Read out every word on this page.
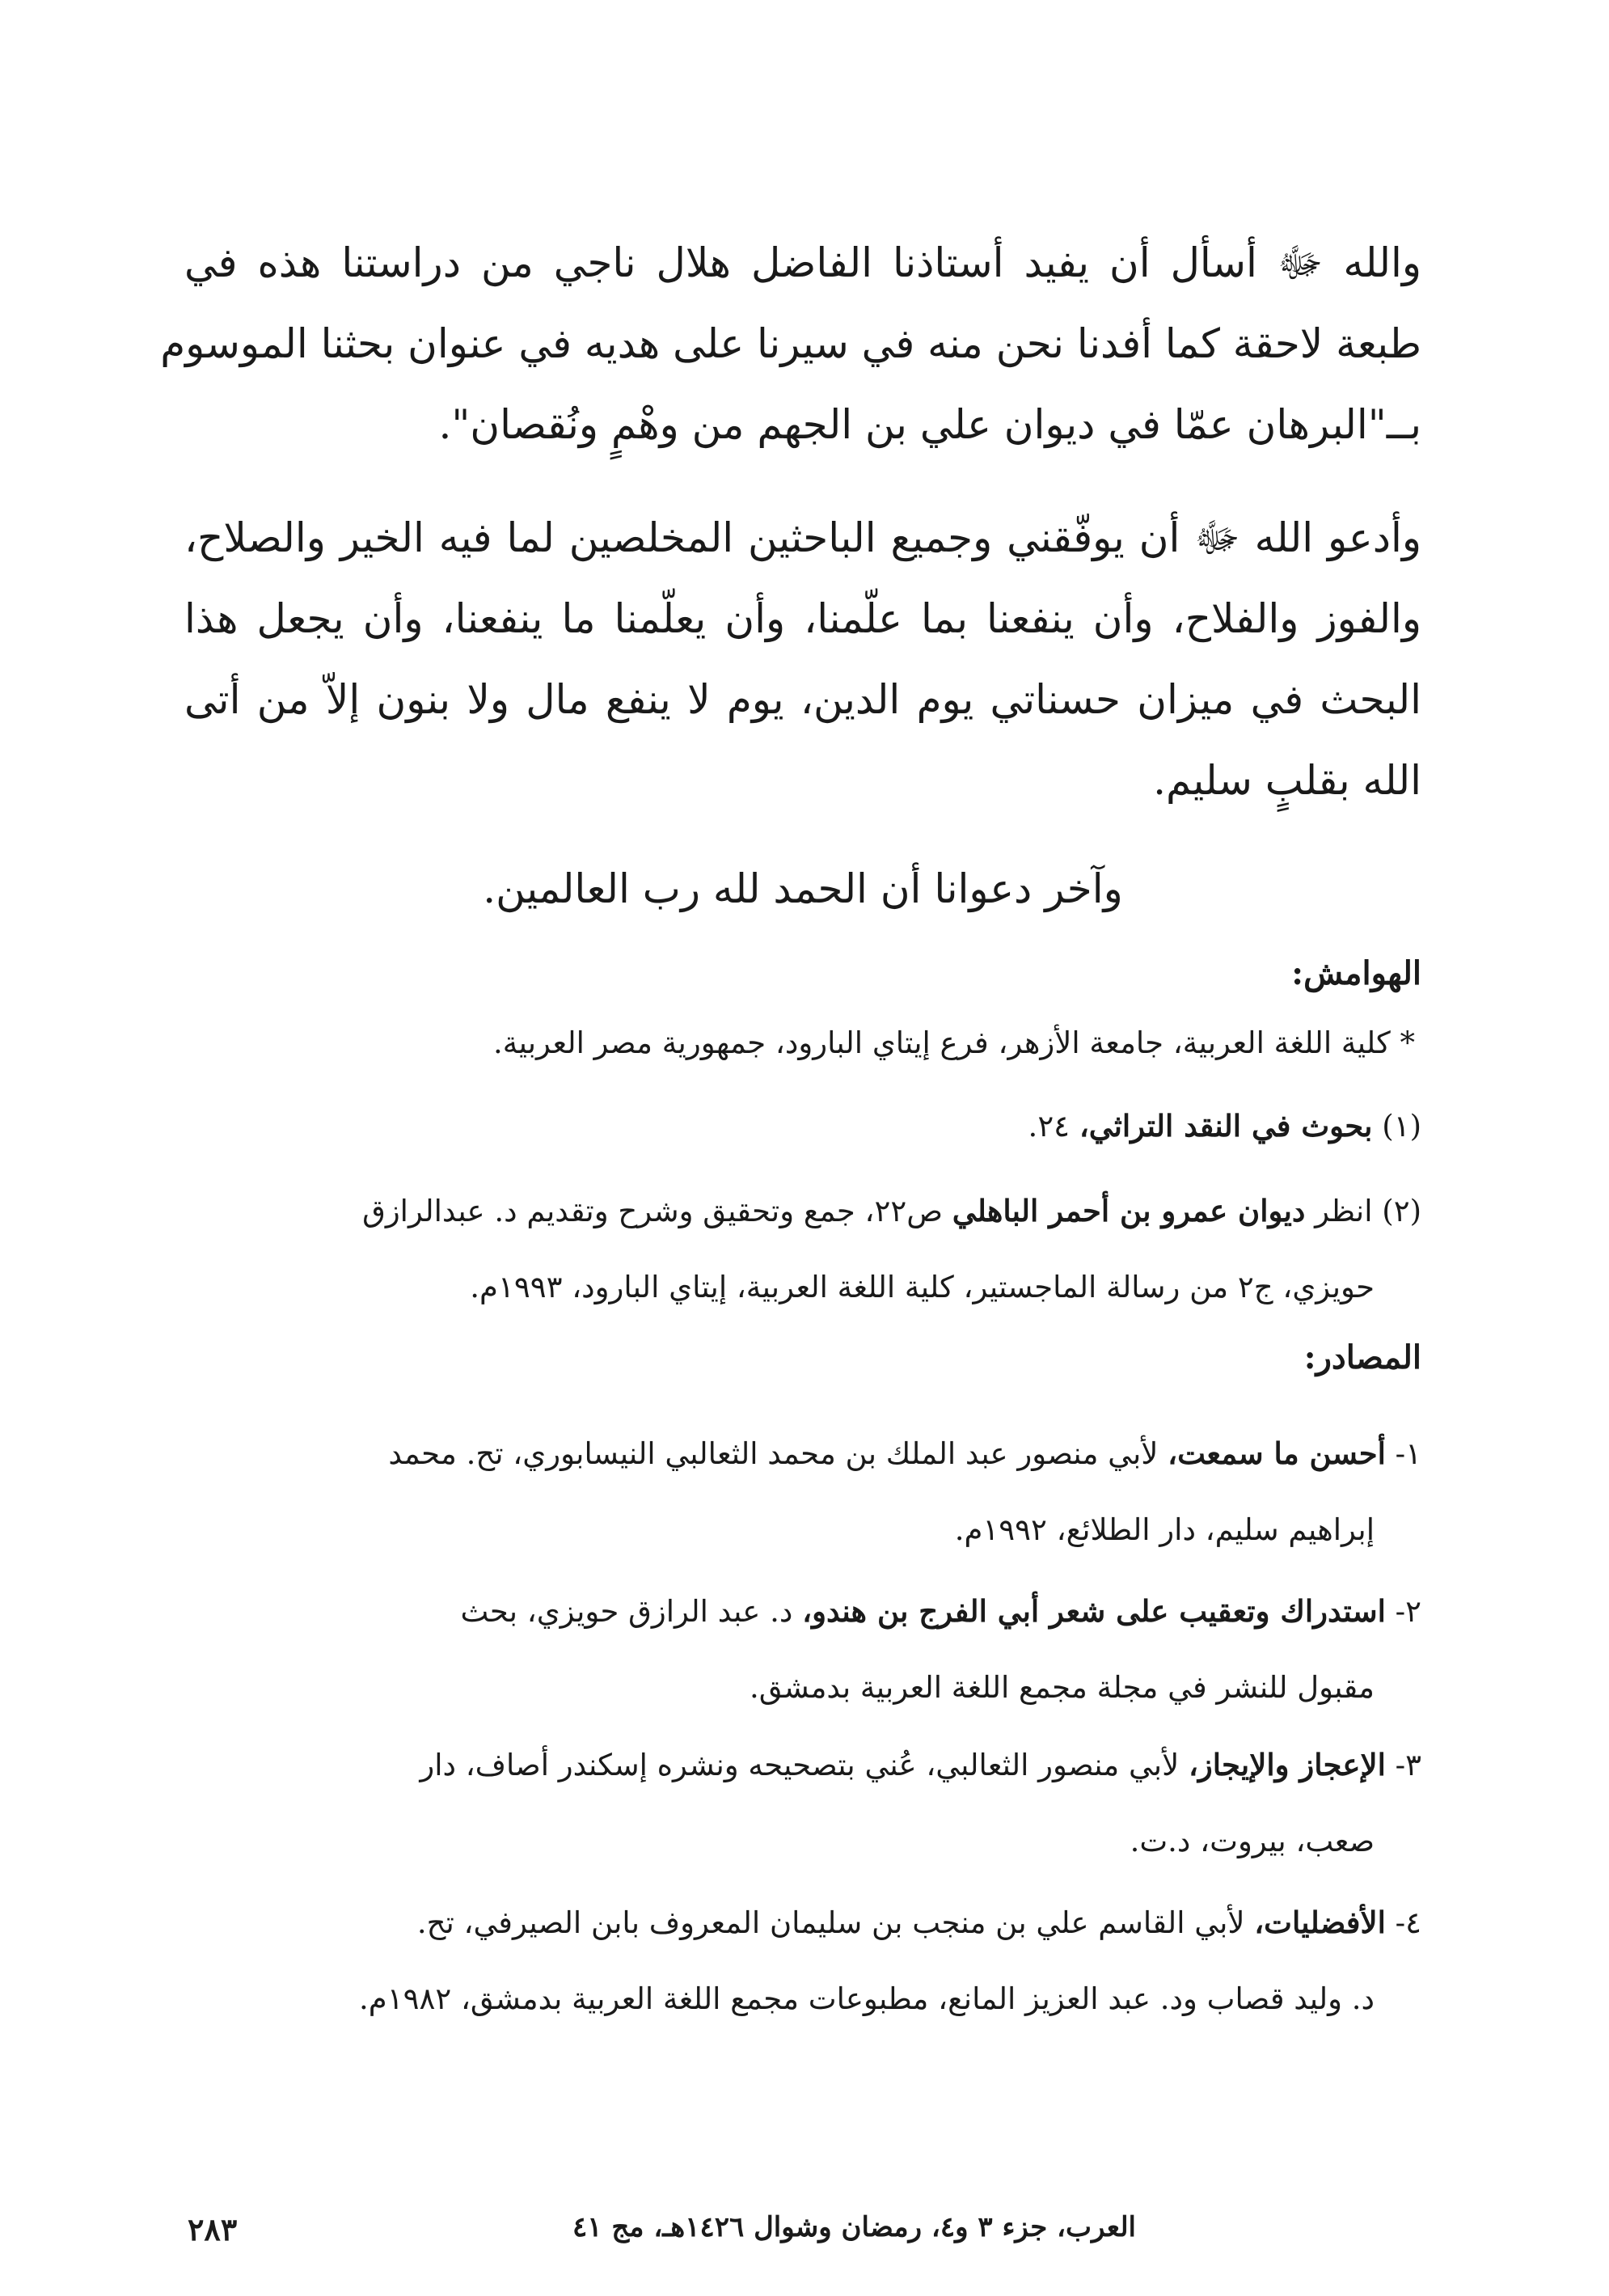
والله ﷻ أسأل أن يفيد أستاذنا الفاضل هلال ناجي من دراستنا هذه في
طبعة لاحقة كما أفدنا نحن منه في سيرنا على هديه في عنوان بحثنا الموسوم
بــ"البرهان عمّا في ديوان علي بن الجهم من وهْمٍ ونُقصان".
وأدعو الله ﷻ أن يوفّقني وجميع الباحثين المخلصين لما فيه الخير والصلاح،
والفوز والفلاح، وأن ينفعنا بما علّمنا، وأن يعلّمنا ما ينفعنا، وأن يجعل هذا
البحث في ميزان حسناتي يوم الدين، يوم لا ينفع مال ولا بنون إلاّ من أتى
الله بقلبٍ سليم.
وآخر دعوانا أن الحمد لله رب العالمين.
الهوامش:
* كلية اللغة العربية، جامعة الأزهر، فرع إيتاي البارود، جمهورية مصر العربية.
(١) بحوث في النقد التراثي، ٢٤.
(٢) انظر ديوان عمرو بن أحمر الباهلي ص٢٢، جمع وتحقيق وشرح وتقديم د. عبدالرازق
حويزي، ج٢ من رسالة الماجستير، كلية اللغة العربية، إيتاي البارود، ١٩٩٣م.
المصادر:
١- أحسن ما سمعت، لأبي منصور عبد الملك بن محمد الثعالبي النيسابوري، تح. محمد
إبراهيم سليم، دار الطلائع، ١٩٩٢م.
٢- استدراك وتعقيب على شعر أبي الفرج بن هندو، د. عبد الرازق حويزي، بحث
مقبول للنشر في مجلة مجمع اللغة العربية بدمشق.
٣- الإعجاز والإيجاز، لأبي منصور الثعالبي، عُني بتصحيحه ونشره إسكندر أصاف، دار
صعب، بيروت، د.ت.
٤- الأفضليات، لأبي القاسم علي بن منجب بن سليمان المعروف بابن الصيرفي، تح.
د. وليد قصاب ود. عبد العزيز المانع، مطبوعات مجمع اللغة العربية بدمشق، ١٩٨٢م.
٢٨٣	العرب، جزء ٣ و٤، رمضان وشوال ١٤٢٦هـ، مج ٤١
